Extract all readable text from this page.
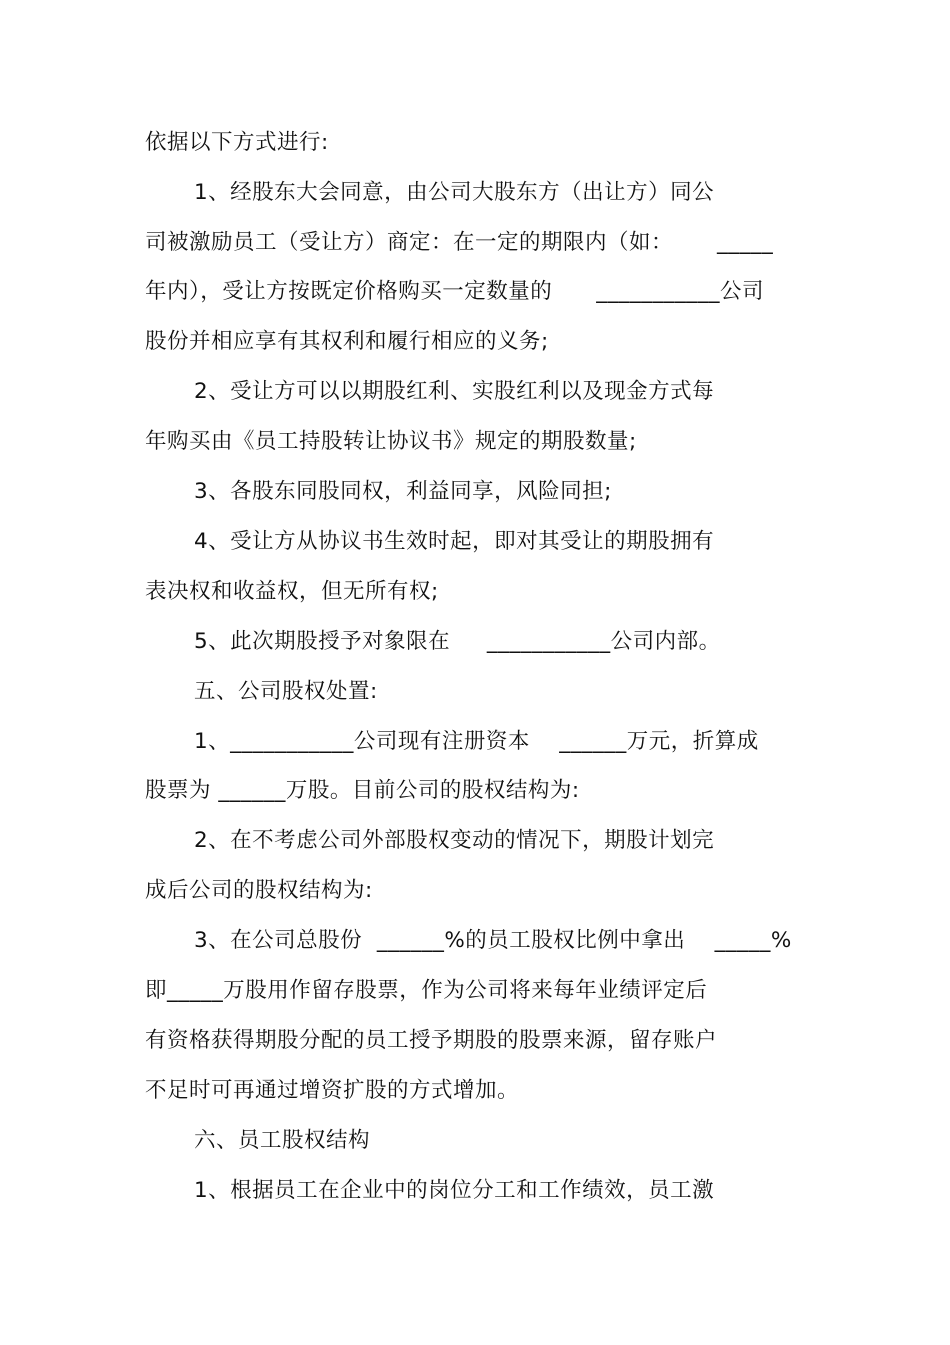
依据以下方式进行:
1、经股东大会同意，由公司大股东方（出让方）同公
司被激励员工（受让方）商定：在一定的期限内（如：      _____
年内），受让方按既定价格购买一定数量的      ___________公司
股份并相应享有其权利和履行相应的义务;
2、受让方可以以期股红利、实股红利以及现金方式每
年购买由《员工持股转让协议书》规定的期股数量;
3、各股东同股同权，利益同享，风险同担;
4、受让方从协议书生效时起，即对其受让的期股拥有
表决权和收益权，但无所有权;
5、此次期股授予对象限在     ___________公司内部。
五、公司股权处置:
1、___________公司现有注册资本    ______万元，折算成
股票为 ______万股。目前公司的股权结构为:
2、在不考虑公司外部股权变动的情况下，期股计划完
成后公司的股权结构为:
3、在公司总股份  ______%的员工股权比例中拿出    _____%
即_____万股用作留存股票，作为公司将来每年业绩评定后
有资格获得期股分配的员工授予期股的股票来源，留存账户
不足时可再通过增资扩股的方式增加。
六、员工股权结构
1、根据员工在企业中的岗位分工和工作绩效，员工激
